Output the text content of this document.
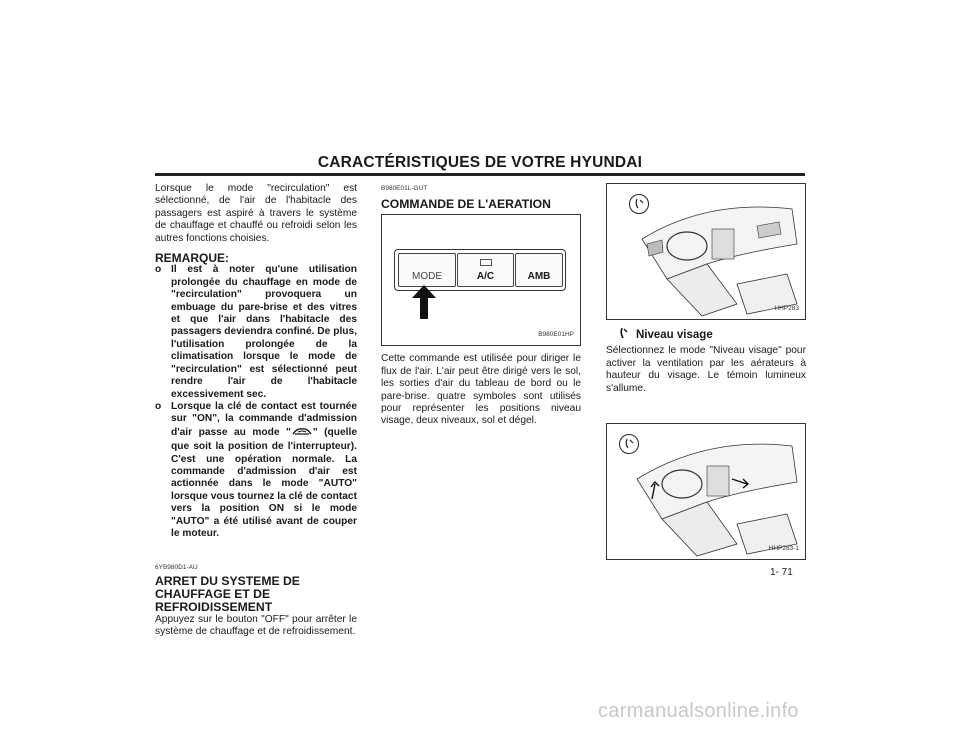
CARACTÉRISTIQUES DE VOTRE HYUNDAI
Lorsque le mode "recirculation" est sélectionné, de l'air de l'habitacle des passagers est aspiré à travers le système de chauffage et chauffé ou refroidi selon les autres fonctions choisies.
REMARQUE:
o Il est à noter qu'une utilisation prolongée du chauffage en mode de "recirculation" provoquera un embuage du pare-brise et des vitres et que l'air dans l'habitacle des passagers deviendra confiné. De plus, l'utilisation prolongée de la climatisation lorsque le mode de "recirculation" est sélectionné peut rendre l'air de l'habitacle excessivement sec.
o Lorsque la clé de contact est tournée sur "ON", la commande d'admission d'air passe au mode " " (quelle que soit la position de l'interrupteur). C'est une opération normale. La commande d'admission d'air est actionnée dans le mode "AUTO" lorsque vous tournez la clé de contact vers la position ON si le mode "AUTO" a été utilisé avant de couper le moteur.
6YB980D1-AU
ARRET DU SYSTEME DE CHAUFFAGE ET DE REFROIDISSEMENT
Appuyez sur le bouton "OFF" pour arrêter le système de chauffage et de refroidissement.
B980E01L-GUT
COMMANDE DE L'AERATION
MODE	A/C	AMB
B980E01HP
Cette commande est utilisée pour diriger le flux de l'air. L'air peut être dirigé vers le sol, les sorties d'air du tableau de bord ou le pare-brise. quatre symboles sont utilisés pour représenter les positions niveau visage, deux niveaux, sol et dégel.
HHP283
Niveau visage
Sélectionnez le mode "Niveau visage" pour activer la ventilation par les aérateurs à hauteur du visage. Le témoin lumineux s'allume.
HHP283-1
1- 71
carmanualsonline.info
